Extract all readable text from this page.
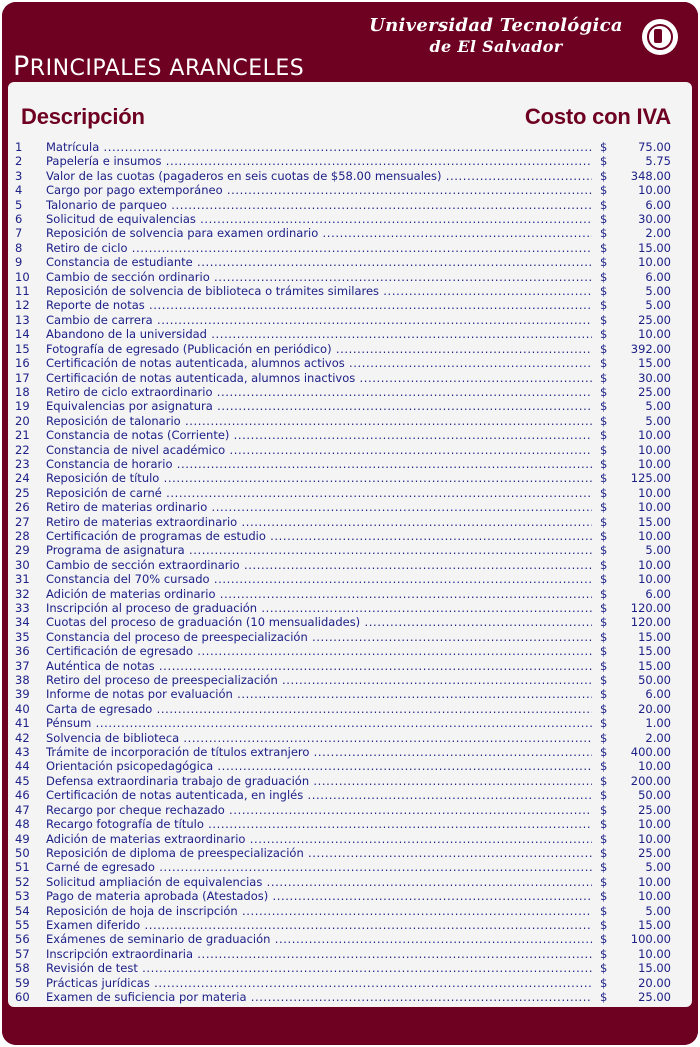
PRINCIPALES ARANCELES
Universidad Tecnológica
de El Salvador
Descripción	Costo con IVA
1	Matrícula .....	$	75.00
2	Papelería e insumos .....	$	5.75
3	Valor de las cuotas (pagaderos en seis cuotas de $58.00 mensuales) .....	$	348.00
4	Cargo por pago extemporáneo .....	$	10.00
5	Talonario de parqueo .....	$	6.00
6	Solicitud de equivalencias .....	$	30.00
7	Reposición de solvencia para examen ordinario .....	$	2.00
8	Retiro de ciclo .....	$	15.00
9	Constancia de estudiante .....	$	10.00
10	Cambio de sección ordinario .....	$	6.00
11	Reposición de solvencia de biblioteca o trámites similares .....	$	5.00
12	Reporte de notas .....	$	5.00
13	Cambio de carrera .....	$	25.00
14	Abandono de la universidad .....	$	10.00
15	Fotografía de egresado (Publicación en periódico) .....	$	392.00
16	Certificación de notas autenticada, alumnos activos .....	$	15.00
17	Certificación de notas autenticada, alumnos inactivos .....	$	30.00
18	Retiro de ciclo extraordinario .....	$	25.00
19	Equivalencias por asignatura .....	$	5.00
20	Reposición de talonario .....	$	5.00
21	Constancia de notas (Corriente) .....	$	10.00
22	Constancia de nivel académico .....	$	10.00
23	Constancia de horario .....	$	10.00
24	Reposición de título .....	$	125.00
25	Reposición de carné .....	$	10.00
26	Retiro de materias ordinario .....	$	10.00
27	Retiro de materias extraordinario .....	$	15.00
28	Certificación de programas de estudio .....	$	10.00
29	Programa de asignatura .....	$	5.00
30	Cambio de sección extraordinario .....	$	10.00
31	Constancia del 70% cursado .....	$	10.00
32	Adición de materias ordinario .....	$	6.00
33	Inscripción al proceso de graduación .....	$	120.00
34	Cuotas del proceso de graduación (10 mensualidades) .....	$	120.00
35	Constancia del proceso de preespecialización .....	$	15.00
36	Certificación de egresado .....	$	15.00
37	Auténtica de notas .....	$	15.00
38	Retiro del proceso de preespecialización .....	$	50.00
39	Informe de notas por evaluación .....	$	6.00
40	Carta de egresado .....	$	20.00
41	Pénsum .....	$	1.00
42	Solvencia de biblioteca .....	$	2.00
43	Trámite de incorporación de títulos extranjero .....	$	400.00
44	Orientación psicopedagógica .....	$	10.00
45	Defensa extraordinaria trabajo de graduación .....	$	200.00
46	Certificación de notas autenticada, en inglés .....	$	50.00
47	Recargo por cheque rechazado .....	$	25.00
48	Recargo fotografía de título .....	$	10.00
49	Adición de materias extraordinario .....	$	10.00
50	Reposición de diploma de preespecialización .....	$	25.00
51	Carné de egresado .....	$	5.00
52	Solicitud ampliación de equivalencias .....	$	10.00
53	Pago de materia aprobada (Atestados) .....	$	10.00
54	Reposición de hoja de inscripción .....	$	5.00
55	Examen diferido .....	$	15.00
56	Exámenes de seminario de graduación .....	$	100.00
57	Inscripción extraordinaria .....	$	10.00
58	Revisión de test .....	$	15.00
59	Prácticas jurídicas .....	$	20.00
60	Examen de suficiencia por materia .....	$	25.00
